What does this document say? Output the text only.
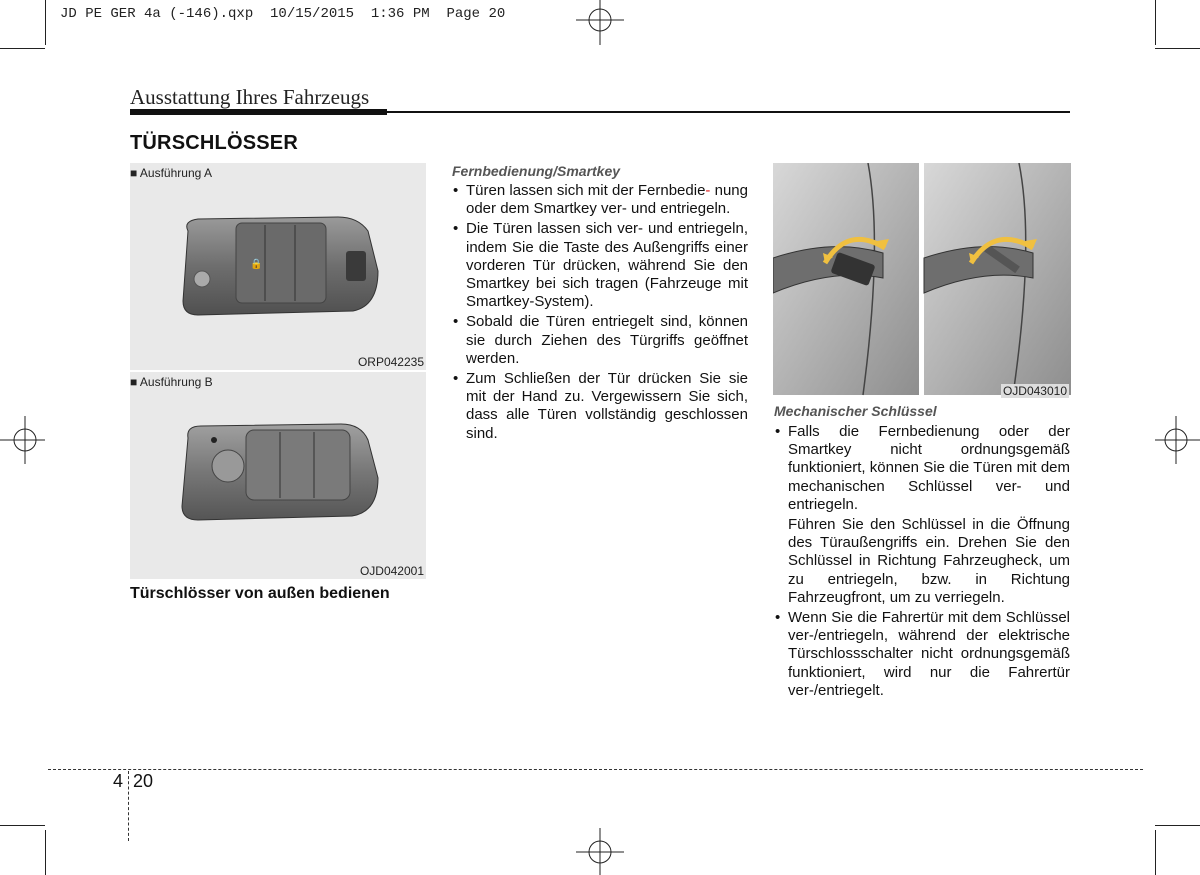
JD PE GER 4a (-146).qxp  10/15/2015  1:36 PM  Page 20
Ausstattung Ihres Fahrzeugs
TÜRSCHLÖSSER
■ Ausführung A
🔒
ORP042235
■ Ausführung B
OJD042001
Türschlösser von außen bedienen
Fernbedienung/Smartkey
• Türen lassen sich mit der Fernbedie- nung oder dem Smartkey ver- und entriegeln.
• Die Türen lassen sich ver- und entriegeln, indem Sie die Taste des Außengriffs einer vorderen Tür drücken, während Sie den Smartkey bei sich tragen (Fahrzeuge mit Smartkey-System).
• Sobald die Türen entriegelt sind, können sie durch Ziehen des Türgriffs geöffnet werden.
• Zum Schließen der Tür drücken Sie sie mit der Hand zu. Vergewissern Sie sich, dass alle Türen vollständig geschlossen sind.
OJD043010
Mechanischer Schlüssel
• Falls die Fernbedienung oder der Smartkey nicht ordnungsgemäß funktioniert, können Sie die Türen mit dem mechanischen Schlüssel ver- und entriegeln.

Führen Sie den Schlüssel in die Öffnung des Türaußengriffs ein. Drehen Sie den Schlüssel in Richtung Fahrzeugheck, um zu entriegeln, bzw. in Richtung Fahrzeugfront, um zu verriegeln.

• Wenn Sie die Fahrertür mit dem Schlüssel ver-/entriegeln, während der elektrische Türschlossschalter nicht ordnungsgemäß funktioniert, wird nur die Fahrertür ver-/entriegelt.
4 20
